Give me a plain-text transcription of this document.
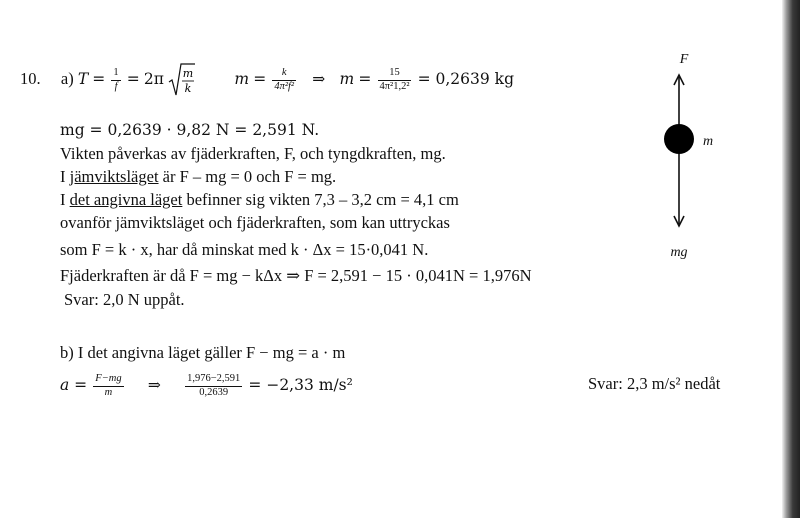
10. a) $T = \frac{1}{f} = 2\pi$ m
k
$m = \frac{k}{\text{4π²f²}}$ ⇒ $m = \frac{15}{\text{4π²1,2²}} = 0,2639$ kg
mg = 0,2639 · 9,82 N = 2,591 N.
Vikten påverkas av fjäderkraften, F, och tyngdkraften, mg.
I jämviktsläget är F – mg = 0 och F = mg.
I det angivna läget befinner sig vikten 7,3 – 3,2 cm = 4,1 cm
ovanför jämviktsläget och fjäderkraften, som kan uttryckas
som F = k · x, har då minskat med k · Δx = 15·0,041 N.
Fjäderkraften är då F = mg − kΔx ⇒ F = 2,591 − 15 · 0,041N = 1,976N
Svar: 2,0 N uppåt.
b) I det angivna läget gäller F − mg = a · m
$a = \frac{F-mg}{m}$ ⇒ $\frac{1,976-2,591}{0,2639} = -2,33$ m/s²	Svar: 2,3 m/s² nedåt
F
m
mg
